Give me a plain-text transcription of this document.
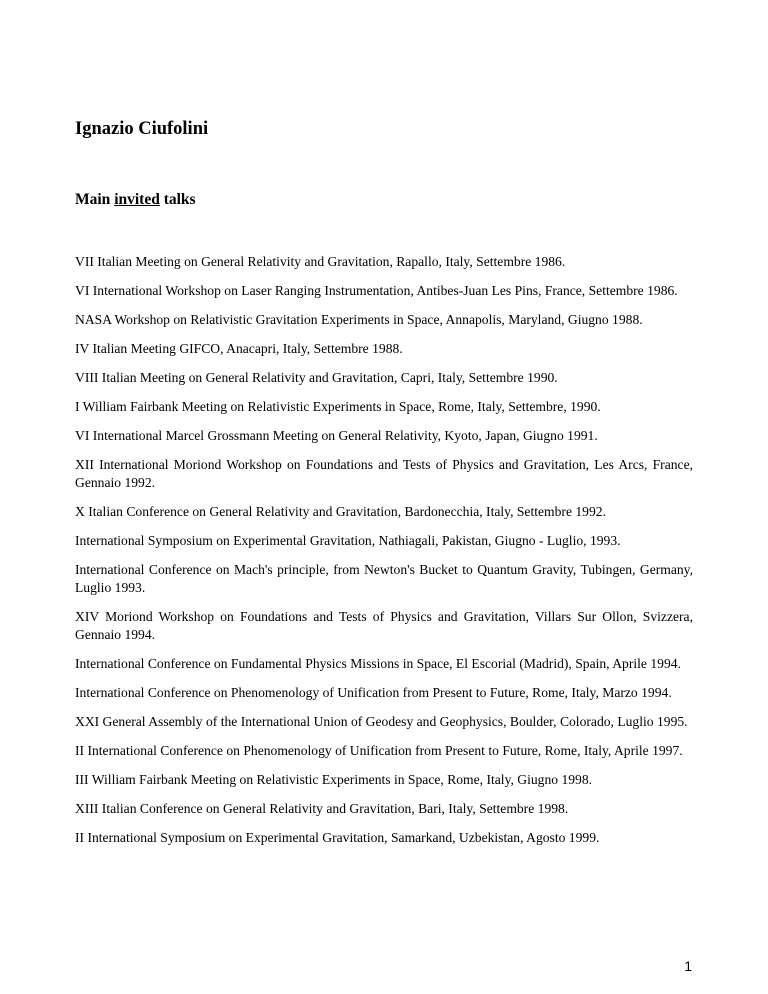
Ignazio Ciufolini
Main invited talks
VII Italian Meeting on General Relativity and Gravitation, Rapallo, Italy, Settembre 1986.
VI International Workshop on Laser Ranging Instrumentation, Antibes-Juan Les Pins, France, Settembre 1986.
NASA Workshop on Relativistic Gravitation Experiments in Space, Annapolis, Maryland, Giugno 1988.
IV Italian Meeting GIFCO, Anacapri, Italy, Settembre 1988.
VIII Italian Meeting on General Relativity and Gravitation, Capri, Italy, Settembre 1990.
I William Fairbank Meeting on Relativistic Experiments in Space, Rome, Italy, Settembre, 1990.
VI International Marcel Grossmann Meeting on General Relativity, Kyoto, Japan, Giugno 1991.
XII International Moriond Workshop on Foundations and Tests of Physics and Gravitation, Les Arcs, France, Gennaio 1992.
X Italian Conference on General Relativity and Gravitation, Bardonecchia, Italy, Settembre 1992.
International Symposium on Experimental Gravitation, Nathiagali, Pakistan, Giugno - Luglio, 1993.
International Conference on Mach's principle, from Newton's Bucket to Quantum Gravity, Tubingen, Germany, Luglio 1993.
XIV Moriond Workshop on Foundations and Tests of Physics and Gravitation, Villars Sur Ollon, Svizzera, Gennaio 1994.
International Conference on Fundamental Physics Missions in Space, El Escorial (Madrid), Spain, Aprile 1994.
International Conference on Phenomenology of Unification from Present to Future, Rome, Italy, Marzo 1994.
XXI General Assembly of the International Union of Geodesy and Geophysics, Boulder, Colorado, Luglio 1995.
II International Conference on Phenomenology of Unification from Present to Future, Rome, Italy, Aprile 1997.
III William Fairbank Meeting on Relativistic Experiments in Space, Rome, Italy, Giugno 1998.
XIII Italian Conference on General Relativity and Gravitation, Bari, Italy, Settembre 1998.
II International Symposium on Experimental Gravitation, Samarkand, Uzbekistan, Agosto 1999.

1
